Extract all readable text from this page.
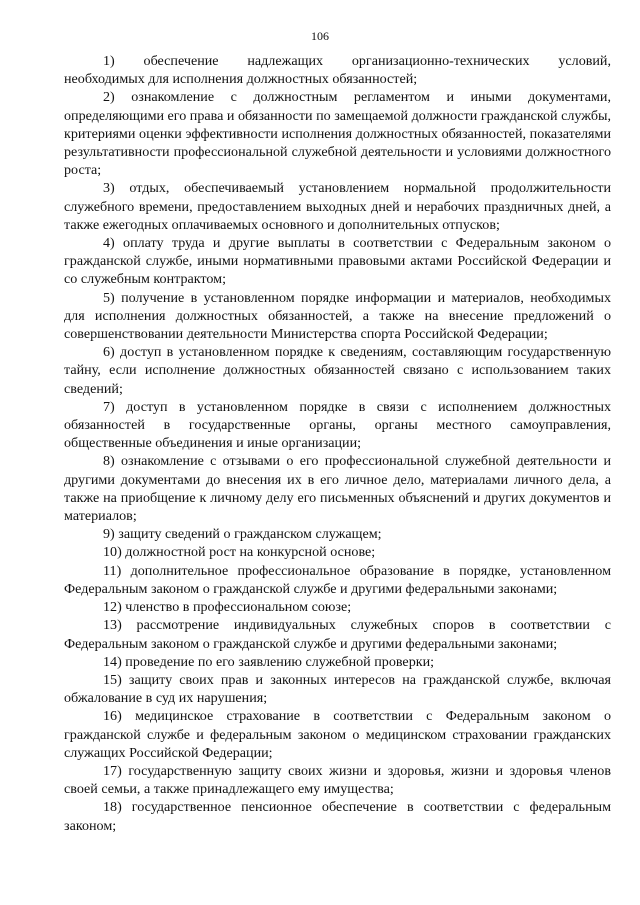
106

1)     обеспечение     надлежащих     организационно-технических     условий, необходимых для исполнения должностных обязанностей;

2) ознакомление с должностным регламентом и иными документами, определяющими его права и обязанности по замещаемой должности гражданской службы, критериями оценки эффективности исполнения должностных обязанностей, показателями результативности профессиональной служебной деятельности и условиями должностного роста;

3) отдых, обеспечиваемый установлением нормальной продолжительности служебного времени, предоставлением выходных дней и нерабочих праздничных дней, а также ежегодных оплачиваемых основного и дополнительных отпусков;

4) оплату труда и другие выплаты в соответствии с Федеральным законом о гражданской службе, иными нормативными правовыми актами Российской Федерации и со служебным контрактом;

5) получение в установленном порядке информации и материалов, необходимых для исполнения должностных обязанностей, а также на внесение предложений о совершенствовании деятельности Министерства спорта Российской Федерации;

6) доступ в установленном порядке к сведениям, составляющим государственную тайну, если исполнение должностных обязанностей связано с использованием таких сведений;

7) доступ в установленном порядке в связи с исполнением должностных обязанностей в государственные органы, органы местного самоуправления, общественные объединения и иные организации;

8) ознакомление с отзывами о его профессиональной служебной деятельности и другими документами до внесения их в его личное дело, материалами личного дела, а также на приобщение к личному делу его письменных объяснений и других документов и материалов;

9) защиту сведений о гражданском служащем;

10) должностной рост на конкурсной основе;

11) дополнительное профессиональное образование в порядке, установленном Федеральным законом о гражданской службе и другими федеральными законами;

12) членство в профессиональном союзе;

13) рассмотрение индивидуальных служебных споров в соответствии с Федеральным законом о гражданской службе и другими федеральными законами;

14) проведение по его заявлению служебной проверки;

15) защиту своих прав и законных интересов на гражданской службе, включая обжалование в суд их нарушения;

16) медицинское страхование в соответствии с Федеральным законом о гражданской службе и федеральным законом о медицинском страховании гражданских служащих Российской Федерации;

17) государственную защиту своих жизни и здоровья, жизни и здоровья членов своей семьи, а также принадлежащего ему имущества;

18) государственное пенсионное обеспечение в соответствии с федеральным законом;
